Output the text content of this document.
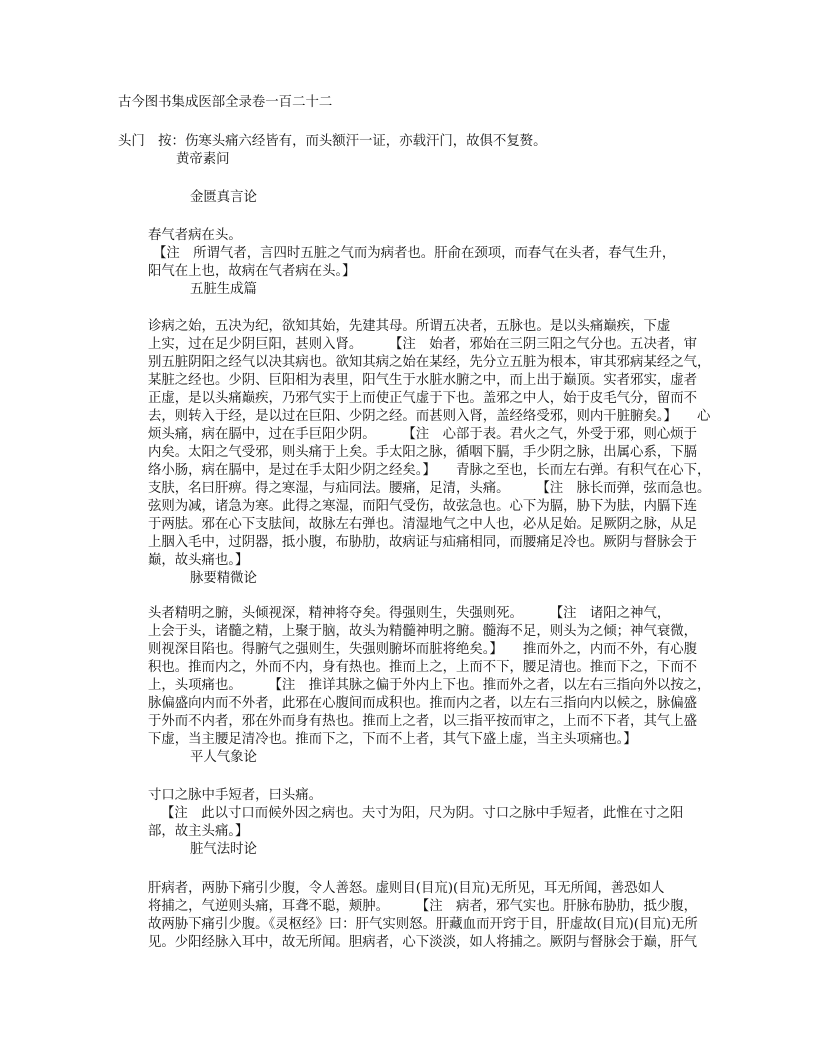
古今图书集成医部全录卷一百二十二
头门　按：伤寒头痛六经皆有，而头额汗一证，亦载汗门，故俱不复赘。
黄帝素问
金匮真言论
春气者病在头。
【注　所谓气者，言四时五脏之气而为病者也。肝俞在颈项，而春气在头者，春气生升，
阳气在上也，故病在气者病在头。】
五脏生成篇
诊病之始，五决为纪，欲知其始，先建其母。所谓五决者，五脉也。是以头痛巅疾，下虚
上实，过在足少阴巨阳，甚则入肾。　　　【注　始者，邪始在三阴三阳之气分也。五决者，审
别五脏阴阳之经气以决其病也。欲知其病之始在某经，先分立五脏为根本，审其邪病某经之气，
某脏之经也。少阴、巨阳相为表里，阳气生于水脏水腑之中，而上出于巅顶。实者邪实，虚者
正虚，是以头痛巅疾，乃邪气实于上而使正气虚于下也。盖邪之中人，始于皮毛气分，留而不
去，则转入于经，是以过在巨阳、少阴之经。而甚则入肾，盖经络受邪，则内干脏腑矣。】　　心
烦头痛，病在膈中，过在手巨阳少阴。　　　【注　心部于表。君火之气，外受于邪，则心烦于
内矣。太阳之气受邪，则头痛于上矣。手太阳之脉，循咽下膈，手少阴之脉，出属心系，下膈
络小肠，病在膈中，是过在手太阳少阴之经矣。】　　青脉之至也，长而左右弹。有积气在心下，
支肤，名曰肝痹。得之寒湿，与疝同法。腰痛，足清，头痛。　　　【注　脉长而弹，弦而急也。
弦则为减，诸急为寒。此得之寒湿，而阳气受伤，故弦急也。心下为膈，胁下为胠，内膈下连
于两胠。邪在心下支胠间，故脉左右弹也。清湿地气之中人也，必从足始。足厥阴之脉，从足
上胭入毛中，过阴器，抵小腹，布胁肋，故病证与疝痛相同，而腰痛足冷也。厥阴与督脉会于
巅，故头痛也。】
脉要精微论
头者精明之腑，头倾视深，精神将夺矣。得强则生，失强则死。　　　【注　诸阳之神气，
上会于头，诸髓之精，上聚于脑，故头为精髓神明之腑。髓海不足，则头为之倾；神气衰微，
则视深目陷也。得腑气之强则生，失强则腑坏而脏将绝矣。】　　推而外之，内而不外，有心腹
积也。推而内之，外而不内，身有热也。推而上之，上而不下，腰足清也。推而下之，下而不
上，头项痛也。　　　【注　推详其脉之偏于外内上下也。推而外之者，以左右三指向外以按之，
脉偏盛向内而不外者，此邪在心腹间而成积也。推而内之者，以左右三指向内以候之，脉偏盛
于外而不内者，邪在外而身有热也。推而上之者，以三指平按而审之，上而不下者，其气上盛
下虚，当主腰足清冷也。推而下之，下而不上者，其气下盛上虚，当主头项痛也。】
平人气象论
寸口之脉中手短者，曰头痛。
【注　此以寸口而候外因之病也。夫寸为阳，尺为阴。寸口之脉中手短者，此惟在寸之阳
部，故主头痛。】
脏气法时论
肝病者，两胁下痛引少腹，令人善怒。虚则目(目巟)(目巟)无所见，耳无所闻，善恐如人
将捕之，气逆则头痛，耳聋不聪，颊肿。　　　【注　病者，邪气实也。肝脉布胁肋，抵少腹，
故两胁下痛引少腹。《灵枢经》曰：肝气实则怒。肝藏血而开窍于目，肝虚故(目巟)(目巟)无所
见。少阳经脉入耳中，故无所闻。胆病者，心下淡淡，如人将捕之。厥阴与督脉会于巅，肝气
